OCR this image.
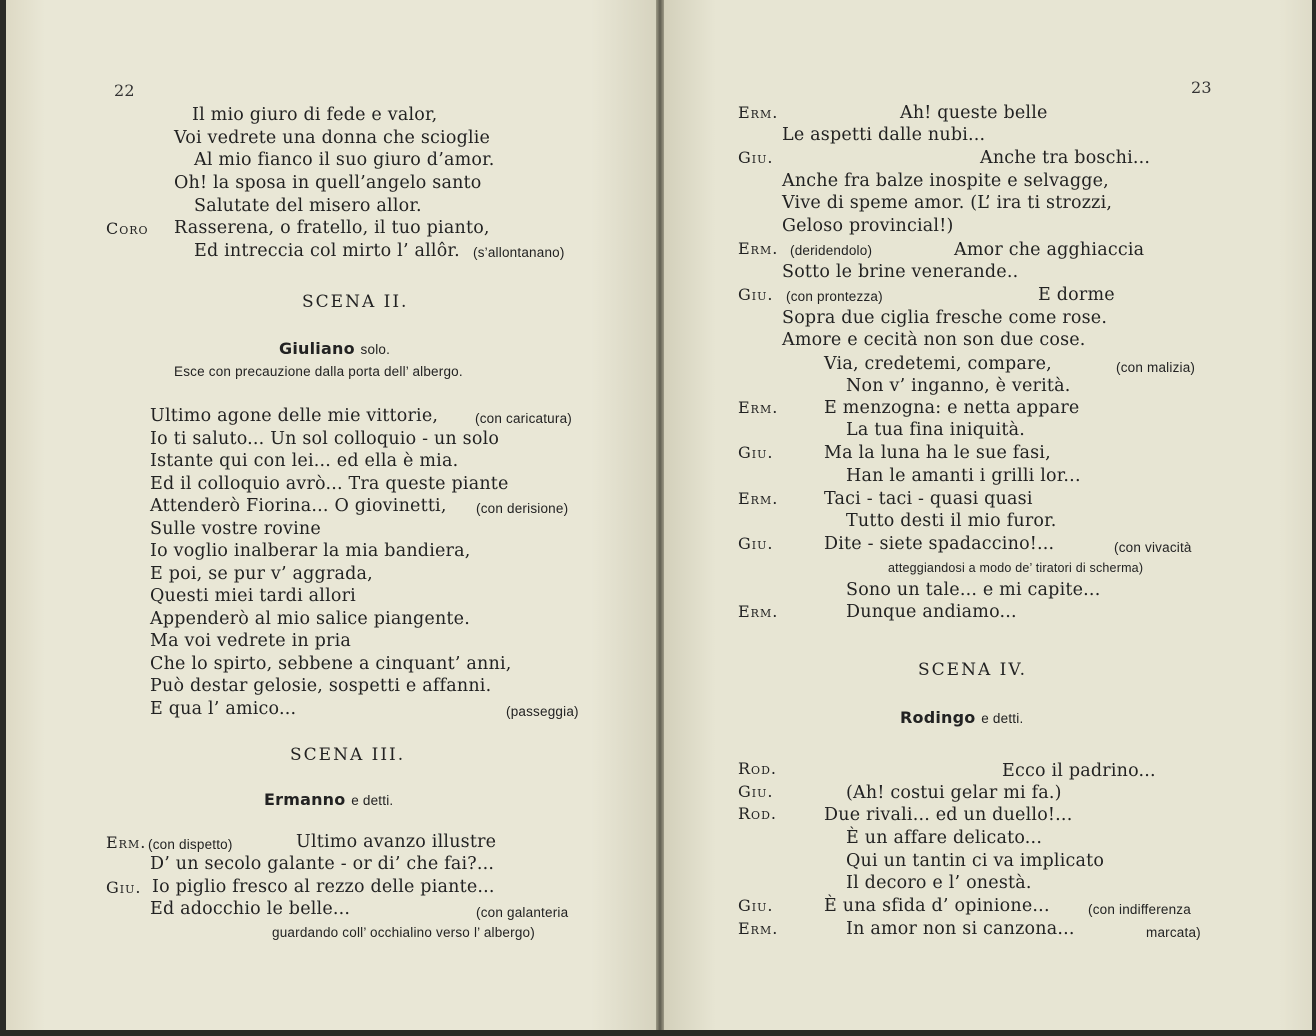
22
Il mio giuro di fede e valor,
Voi vedrete una donna che scioglie
Al mio fianco il suo giuro d’amor.
Oh! la sposa in quell’angelo santo
Salutate del misero allor.
Coro Rasserena, o fratello, il tuo pianto,
Ed intreccia col mirto l’ allôr. (s’allontanano)
SCENA II.
Giuliano solo.
Esce con precauzione dalla porta dell’ albergo.
Ultimo agone delle mie vittorie,	(con caricatura)
Io ti saluto... Un sol colloquio - un solo
Istante qui con lei... ed ella è mia.
Ed il colloquio avrò... Tra queste piante
Attenderò Fiorina... O giovinetti, (con derisione)
Sulle vostre rovine
Io voglio inalberar la mia bandiera,
E poi, se pur v’ aggrada,
Questi miei tardi allori
Appenderò al mio salice piangente.
Ma voi vedrete in pria
Che lo spirto, sebbene a cinquant’ anni,
Può destar gelosie, sospetti e affanni.
E qua l’ amico...	(passeggia)
SCENA III.
Ermanno e detti.
Erm. (con dispetto)	Ultimo avanzo illustre
D’ un secolo galante - or di’ che fai?...
Giu. Io piglio fresco al rezzo delle piante...
Ed adocchio le belle...	(con galanteria
guardando coll’ occhialino verso l’ albergo)
23
Erm.	Ah! queste belle
Le aspetti dalle nubi...
Giu.	Anche tra boschi...
Anche fra balze inospite e selvagge,
Vive di speme amor. (L’ ira ti strozzi,
Geloso provincial!)
Erm. (deridendolo)	Amor che agghiaccia
Sotto le brine venerande..
Giu. (con prontezza)	E dorme
Sopra due ciglia fresche come rose.
Amore e cecità non son due cose.
Via, credetemi, compare,	(con malizia)
Non v’ inganno, è verità.
Erm.	E menzogna: e netta appare
La tua fina iniquità.
Giu.	Ma la luna ha le sue fasi,
Han le amanti i grilli lor...
Erm.	Taci - taci - quasi quasi
Tutto desti il mio furor.
Giu.	Dite - siete spadaccino!...	(con vivacità
atteggiandosi a modo de’ tiratori di scherma)
Sono un tale... e mi capite...
Erm.	Dunque andiamo...
SCENA IV.
Rodingo e detti.
Rod.	Ecco il padrino...
Giu.	(Ah! costui gelar mi fa.)
Rod.	Due rivali... ed un duello!...
È un affare delicato...
Qui un tantin ci va implicato
Il decoro e l’ onestà.
Giu.	È una sfida d’ opinione...	(con indifferenza
Erm.	In amor non si canzona...	marcata)
